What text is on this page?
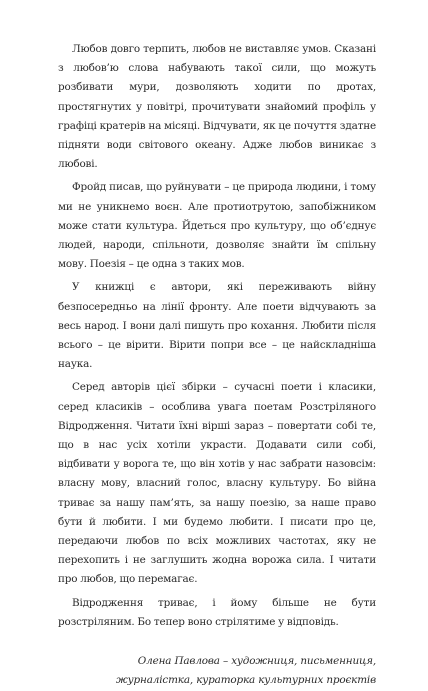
Любов довго терпить, любов не виставляє умов. Сказані з любов’ю слова набувають такої сили, що можуть розбивати мури, дозволяють ходити по дротах, простягнутих у повітрі, прочитувати знайомий профіль у графіці кратерів на місяці. Відчувати, як це почуття здатне підняти води світового океану. Адже любов виникає з любові.

Фройд писав, що руйнувати – це природа людини, і тому ми не уникнемо воєн. Але протиотрутою, запобіжником може стати культура. Йдеться про культуру, що об’єднує людей, народи, спільноти, дозволяє знайти їм спільну мову. Поезія – це одна з таких мов.

У книжці є автори, які переживають війну безпосередньо на лінії фронту. Але поети відчувають за весь народ. І вони далі пишуть про кохання. Любити після всього – це вірити. Вірити попри все – це найскладніша наука.

Серед авторів цієї збірки – сучасні поети і класики, серед класиків – особлива увага поетам Розстріляного Відродження. Читати їхні вірші зараз – повертати собі те, що в нас усіх хотіли украсти. Додавати сили собі, відбивати у ворога те, що він хотів у нас забрати назовсім: власну мову, власний голос, власну культуру. Бо війна триває за нашу пам’ять, за нашу поезію, за наше право бути й любити. І ми будемо любити. І писати про це, передаючи любов по всіх можливих частотах, яку не перехопить і не заглушить жодна ворожа сила. І читати про любов, що перемагає.

Відродження триває, і йому більше не бути розстріляним. Бо тепер воно стрілятиме у відповідь.

Олена Павлова – художниця, письменниця,
журналістка, кураторка культурних проєктів
